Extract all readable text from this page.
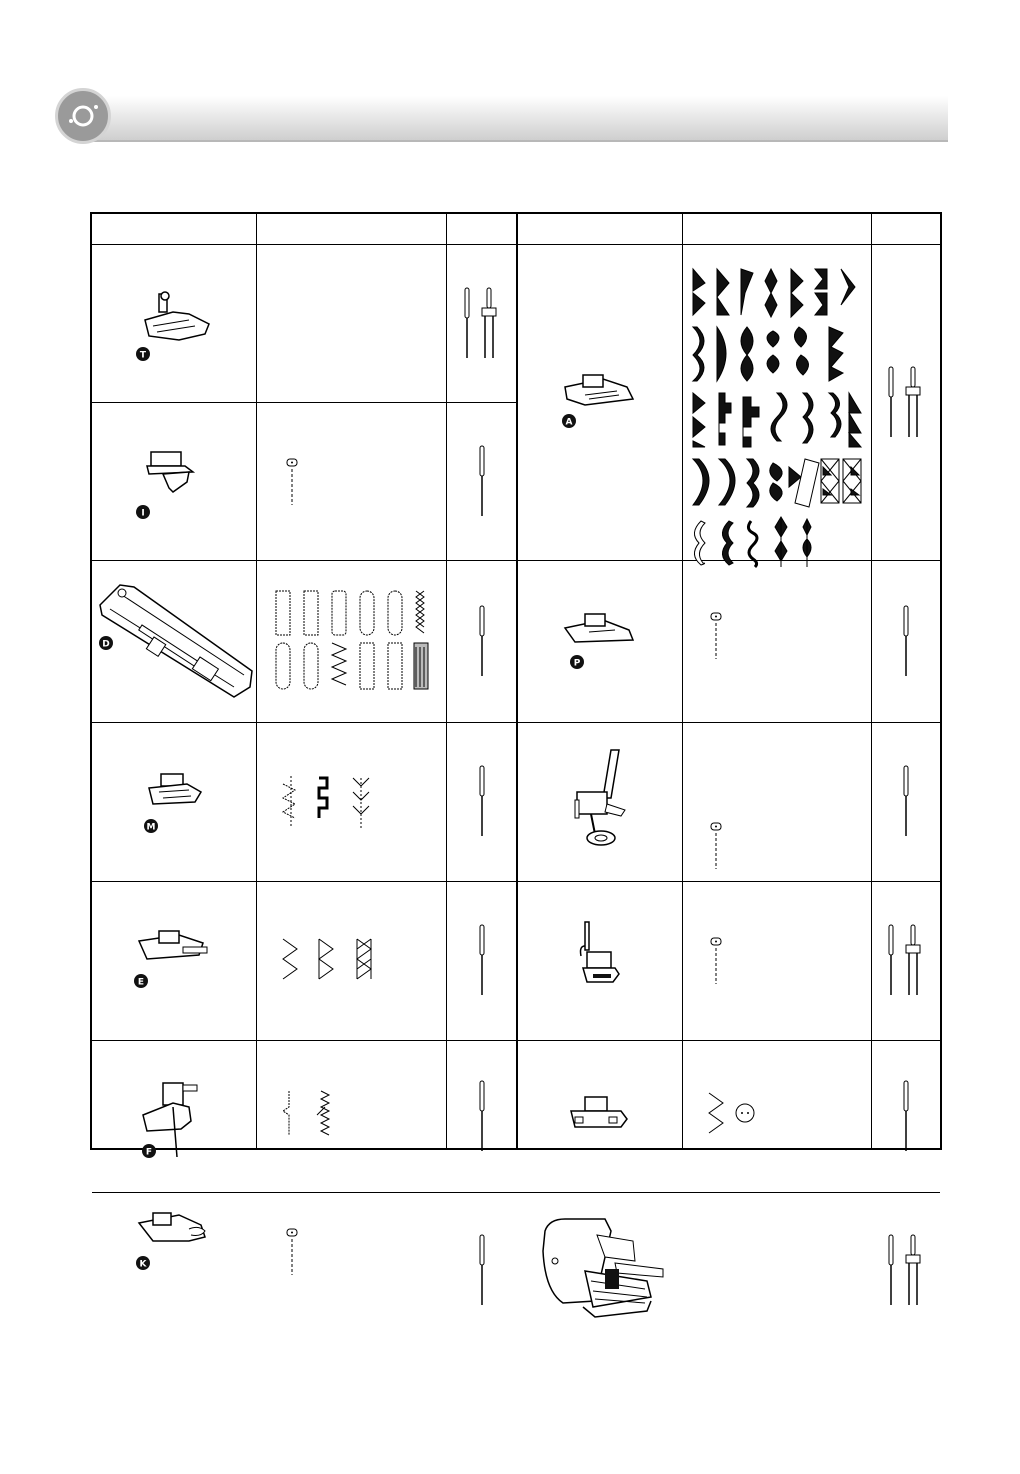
T
I
D
M
E
F
K
A
P
